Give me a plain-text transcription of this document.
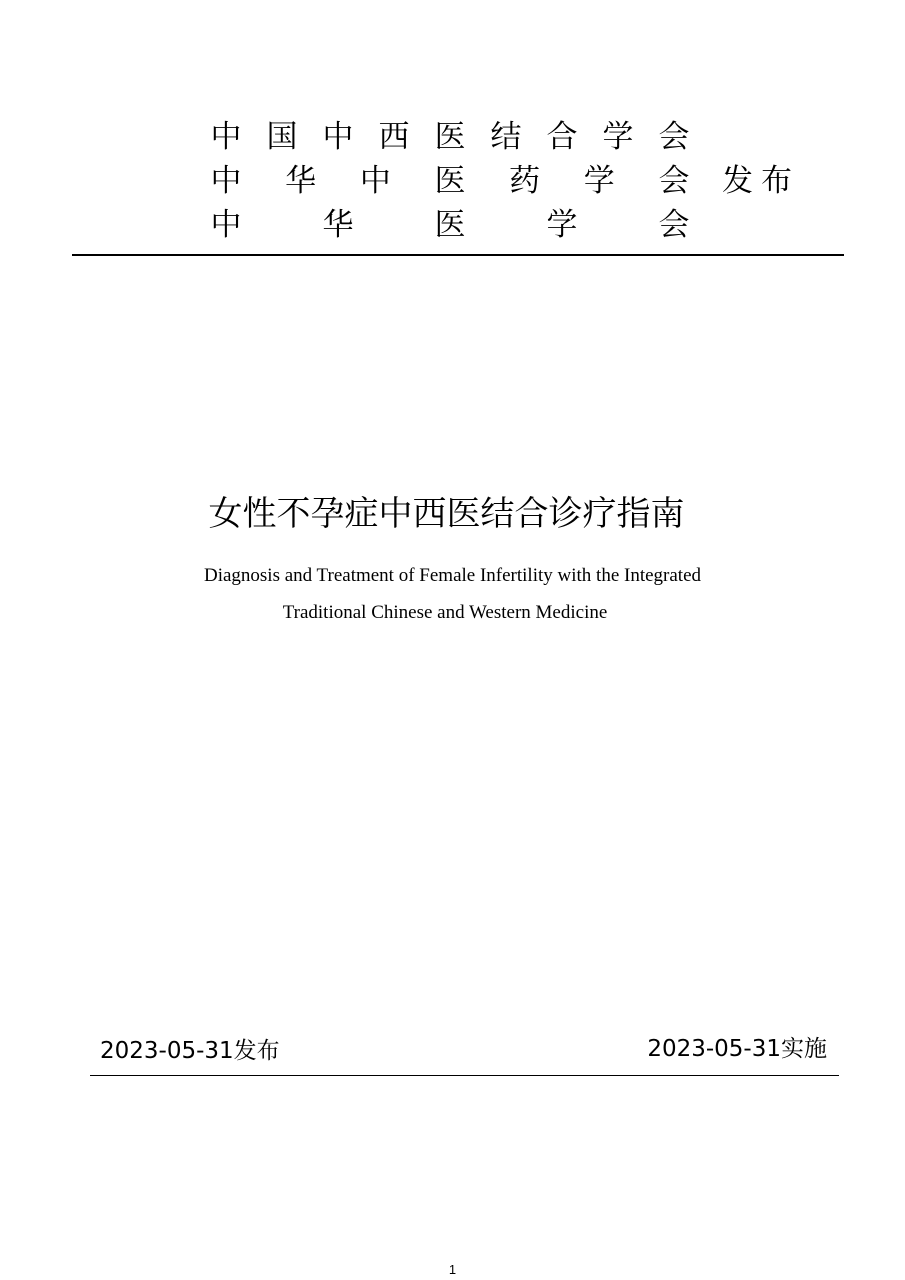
中 国 中 西 医 结 合 学 会
中 华 中 医 药 学 会
中	华	医	学	会
发布
女性不孕症中西医结合诊疗指南
Diagnosis and Treatment of Female Infertility with the Integrated
Traditional Chinese and Western Medicine
2023-05-31发布	2023-05-31实施
1
